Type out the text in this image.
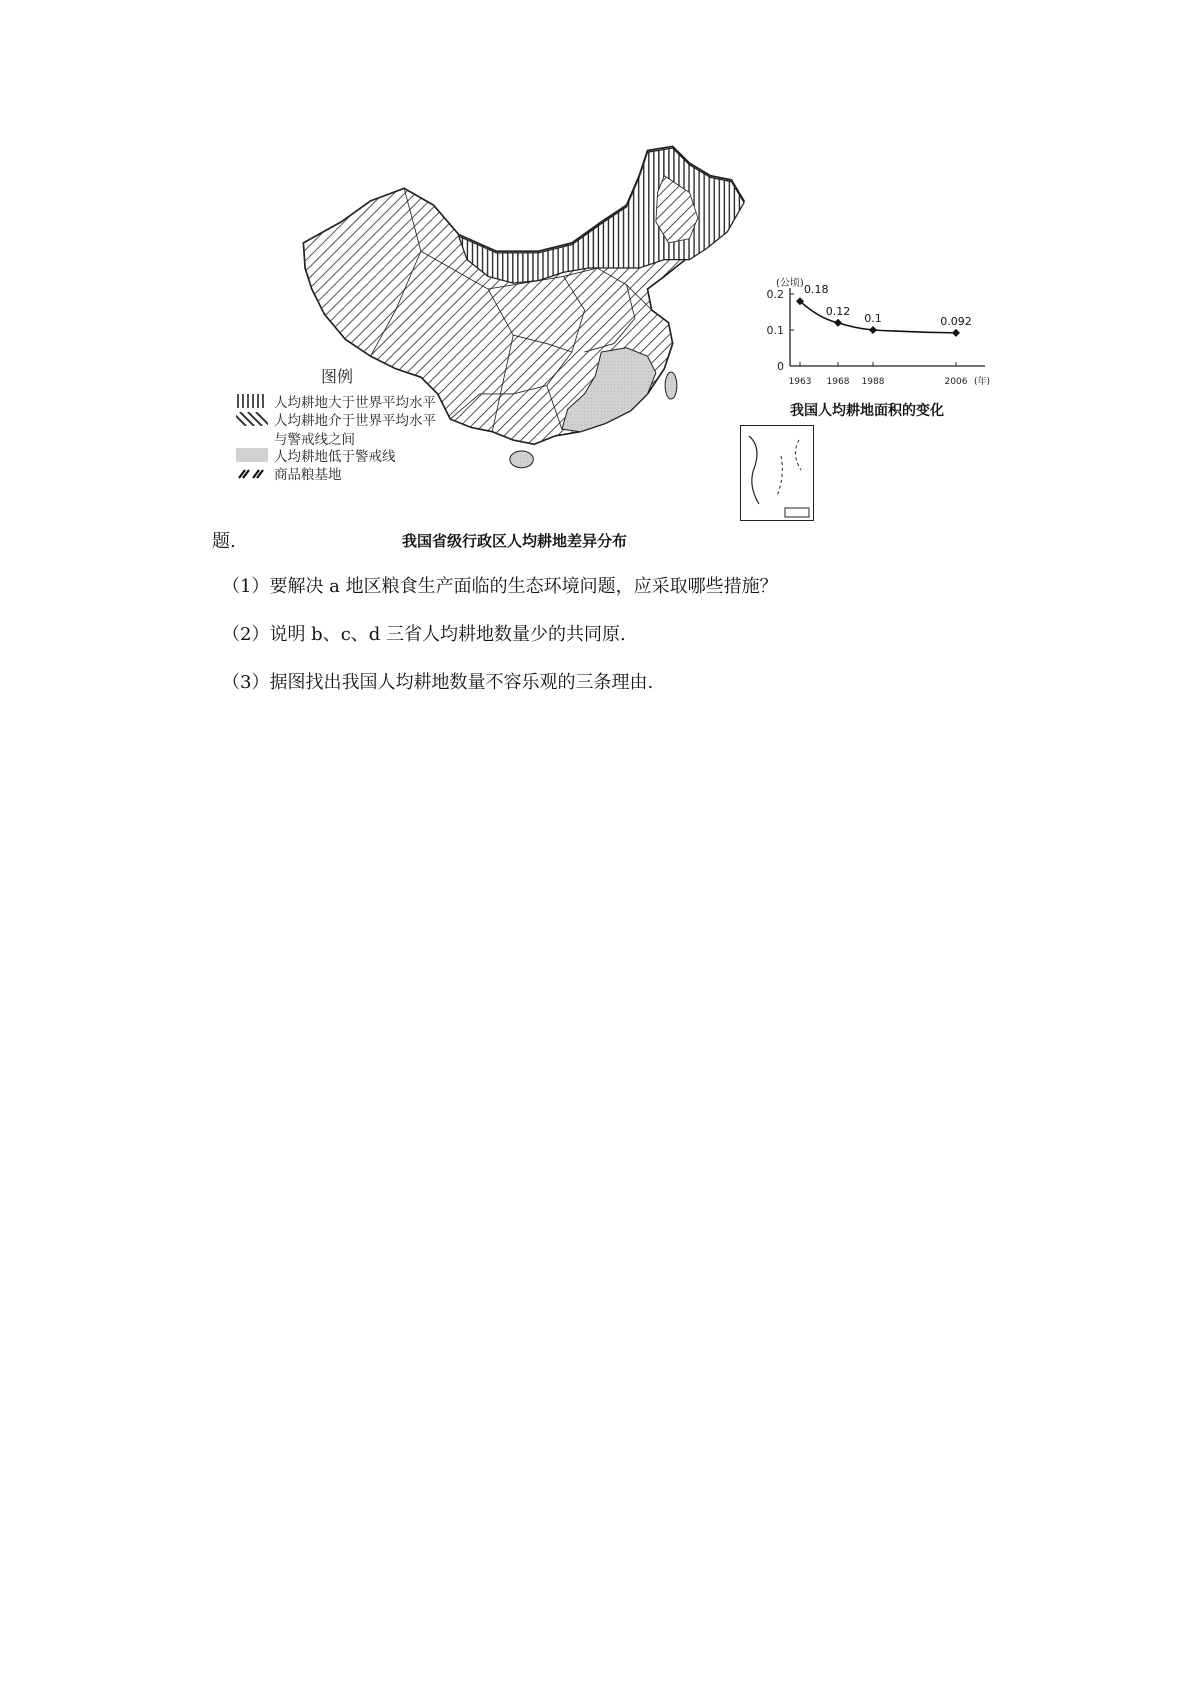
图例
人均耕地大于世界平均水平
人均耕地介于世界平均水平
与警戒线之间
人均耕地低于警戒线
商品粮基地
(公顷)
0
0.1
0.2
1963 1968 1988	2006 (年)
0.18
0.12
0.1	0.092
我国人均耕地面积的变化
我国省级行政区人均耕地差异分布
题.
（1）要解决 a 地区粮食生产面临的生态环境问题，应采取哪些措施？
（2）说明 b、c、d 三省人均耕地数量少的共同原.
（3）据图找出我国人均耕地数量不容乐观的三条理由.
